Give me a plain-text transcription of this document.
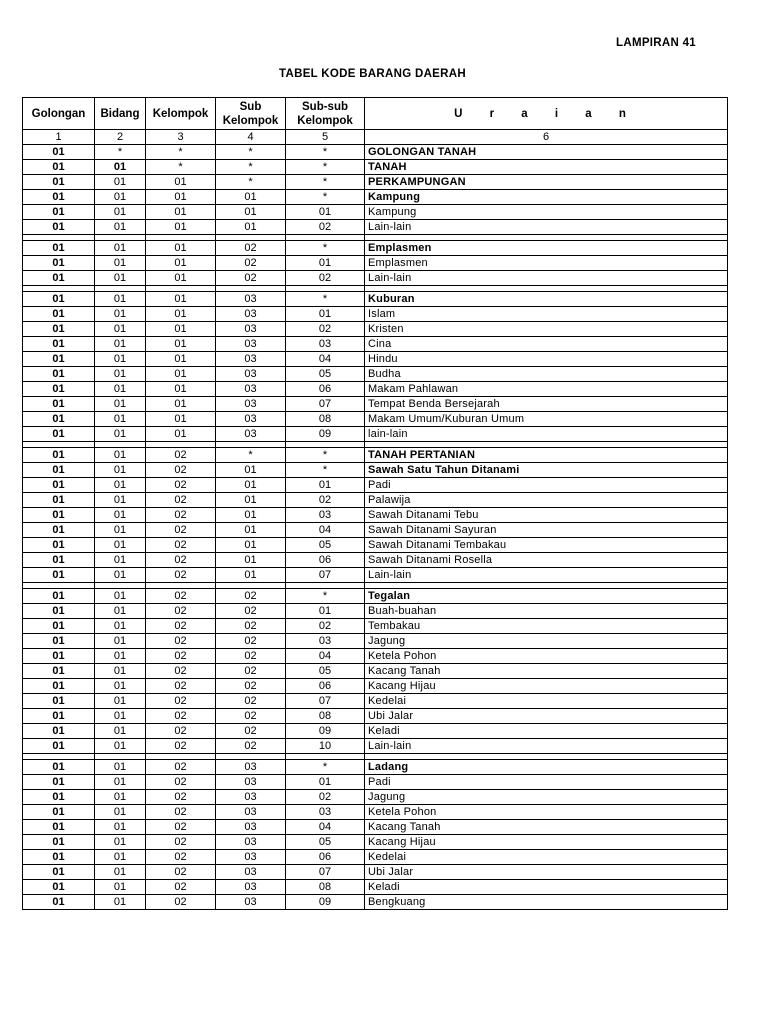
LAMPIRAN 41
TABEL KODE BARANG DAERAH
Golongan	Bidang	Kelompok	Sub Kelompok	Sub-sub Kelompok	U r a i a n
1	2	3	4	5	6
01	*	*	*	*	GOLONGAN TANAH
01	01	*	*	*	TANAH
01	01	01	*	*	PERKAMPUNGAN
01	01	01	01	*	Kampung
01	01	01	01	01	Kampung
01	01	01	01	02	Lain-lain

01	01	01	02	*	Emplasmen
01	01	01	02	01	Emplasmen
01	01	01	02	02	Lain-lain

01	01	01	03	*	Kuburan
01	01	01	03	01	Islam
01	01	01	03	02	Kristen
01	01	01	03	03	Cina
01	01	01	03	04	Hindu
01	01	01	03	05	Budha
01	01	01	03	06	Makam Pahlawan
01	01	01	03	07	Tempat Benda Bersejarah
01	01	01	03	08	Makam Umum/Kuburan Umum
01	01	01	03	09	lain-lain

01	01	02	*	*	TANAH PERTANIAN
01	01	02	01	*	Sawah Satu Tahun Ditanami
01	01	02	01	01	Padi
01	01	02	01	02	Palawija
01	01	02	01	03	Sawah Ditanami Tebu
01	01	02	01	04	Sawah Ditanami Sayuran
01	01	02	01	05	Sawah Ditanami Tembakau
01	01	02	01	06	Sawah Ditanami Rosella
01	01	02	01	07	Lain-lain

01	01	02	02	*	Tegalan
01	01	02	02	01	Buah-buahan
01	01	02	02	02	Tembakau
01	01	02	02	03	Jagung
01	01	02	02	04	Ketela Pohon
01	01	02	02	05	Kacang Tanah
01	01	02	02	06	Kacang Hijau
01	01	02	02	07	Kedelai
01	01	02	02	08	Ubi Jalar
01	01	02	02	09	Keladi
01	01	02	02	10	Lain-lain

01	01	02	03	*	Ladang
01	01	02	03	01	Padi
01	01	02	03	02	Jagung
01	01	02	03	03	Ketela Pohon
01	01	02	03	04	Kacang Tanah
01	01	02	03	05	Kacang Hijau
01	01	02	03	06	Kedelai
01	01	02	03	07	Ubi Jalar
01	01	02	03	08	Keladi
01	01	02	03	09	Bengkuang
